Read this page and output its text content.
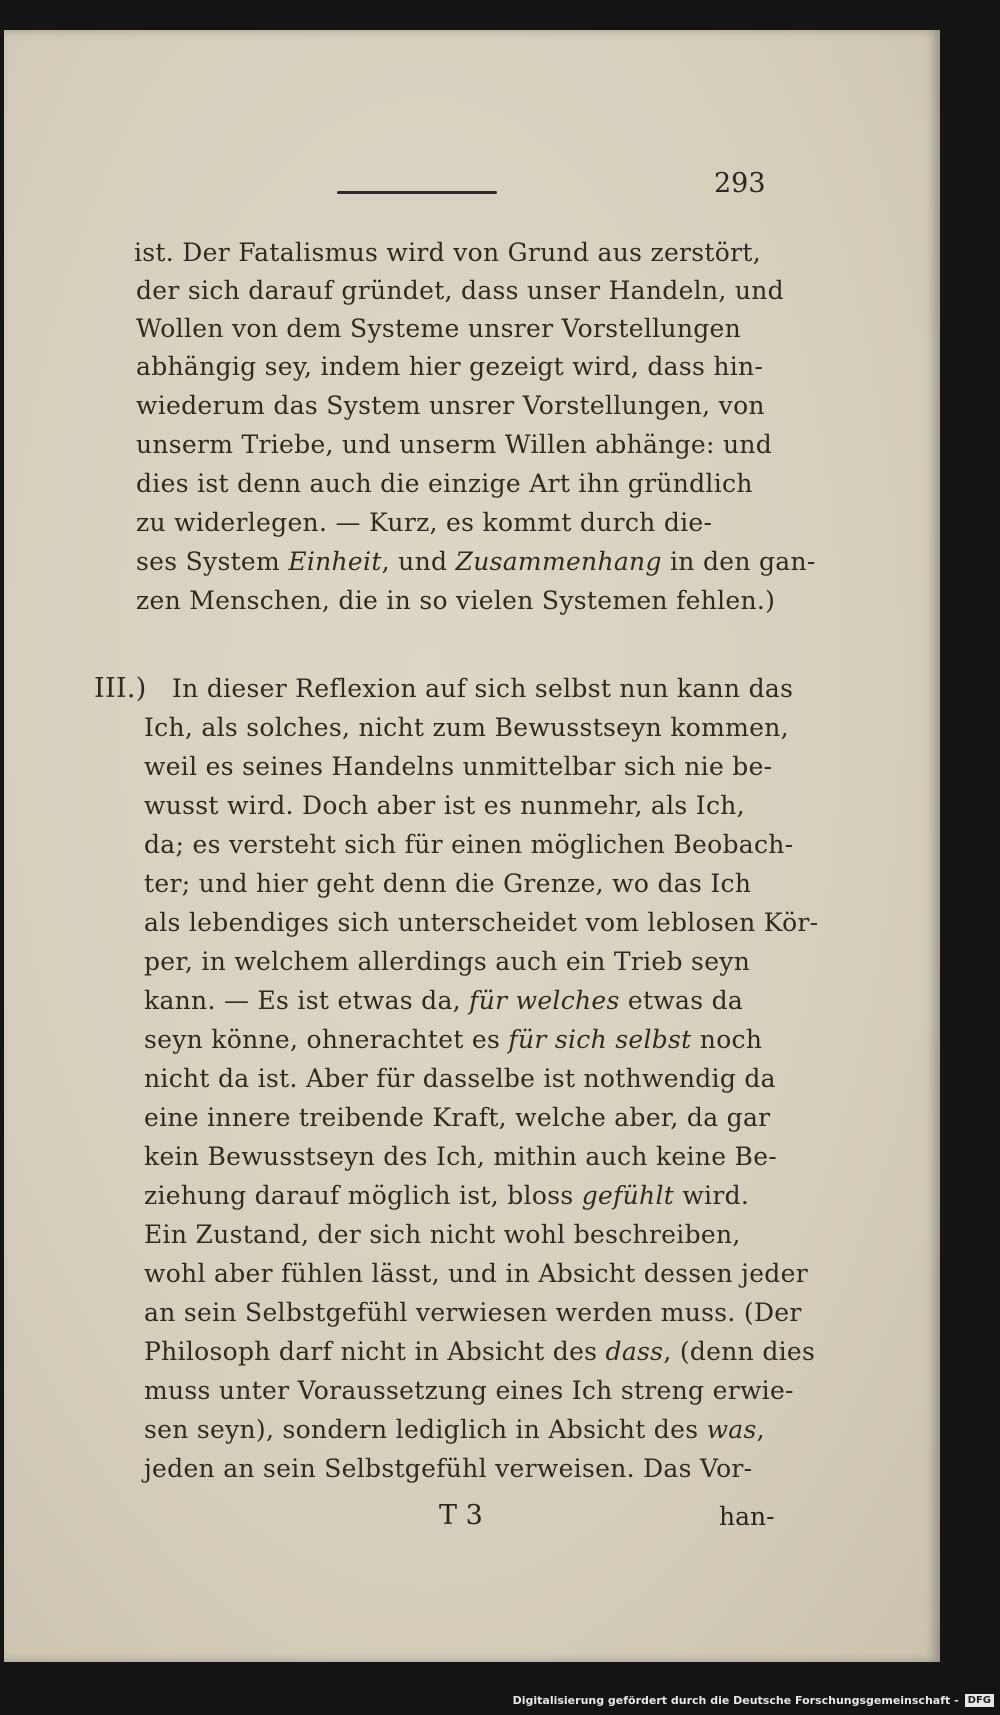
293
ist. Der Fatalismus wird von Grund aus zerstört,
der sich darauf gründet, dass unser Handeln, und
Wollen von dem Systeme unsrer Vorstellungen
abhängig sey, indem hier gezeigt wird, dass hin-
wiederum das System unsrer Vorstellungen, von
unserm Triebe, und unserm Willen abhänge: und
dies ist denn auch die einzige Art ihn gründlich
zu widerlegen. — Kurz, es kommt durch die-
ses System Einheit, und Zusammenhang in den gan-
zen Menschen, die in so vielen Systemen fehlen.)
III.) In dieser Reflexion auf sich selbst nun kann das
Ich, als solches, nicht zum Bewusstseyn kommen,
weil es seines Handelns unmittelbar sich nie be-
wusst wird. Doch aber ist es nunmehr, als Ich,
da; es versteht sich für einen möglichen Beobach-
ter; und hier geht denn die Grenze, wo das Ich
als lebendiges sich unterscheidet vom leblosen Kör-
per, in welchem allerdings auch ein Trieb seyn
kann. — Es ist etwas da, für welches etwas da
seyn könne, ohnerachtet es für sich selbst noch
nicht da ist. Aber für dasselbe ist nothwendig da
eine innere treibende Kraft, welche aber, da gar
kein Bewusstseyn des Ich, mithin auch keine Be-
ziehung darauf möglich ist, bloss gefühlt wird.
Ein Zustand, der sich nicht wohl beschreiben,
wohl aber fühlen lässt, und in Absicht dessen jeder
an sein Selbstgefühl verwiesen werden muss. (Der
Philosoph darf nicht in Absicht des dass, (denn dies
muss unter Voraussetzung eines Ich streng erwie-
sen seyn), sondern lediglich in Absicht des was,
jeden an sein Selbstgefühl verweisen. Das Vor-
T 3	han-
Digitalisierung gefördert durch die Deutsche Forschungsgemeinschaft - DFG
